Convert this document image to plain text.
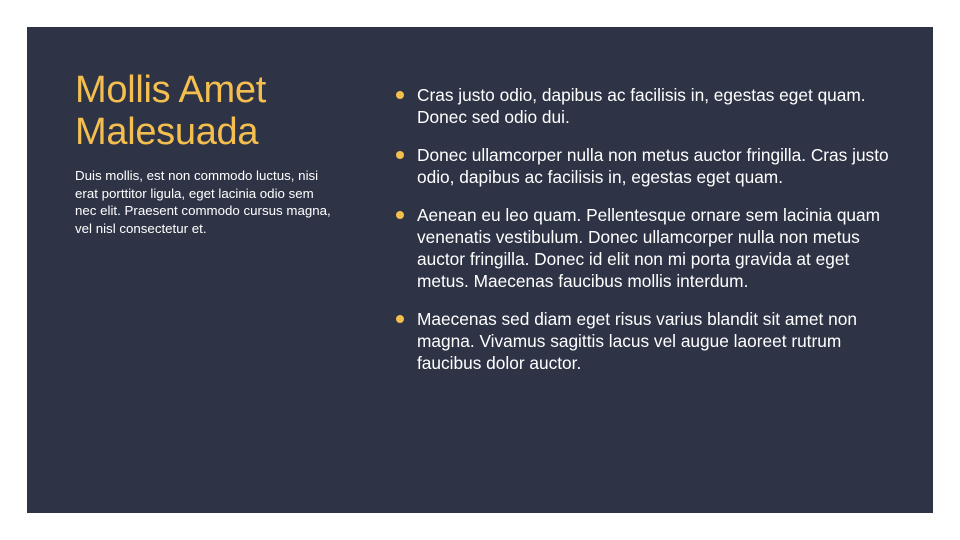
Mollis Amet
Malesuada

Duis mollis, est non commodo luctus, nisi erat porttitor ligula, eget lacinia odio sem nec elit. Praesent commodo cursus magna, vel nisl consectetur et.

Cras justo odio, dapibus ac facilisis in, egestas eget quam. Donec sed odio dui.
Donec ullamcorper nulla non metus auctor fringilla. Cras justo odio, dapibus ac facilisis in, egestas eget quam.
Aenean eu leo quam. Pellentesque ornare sem lacinia quam venenatis vestibulum. Donec ullamcorper nulla non metus auctor fringilla. Donec id elit non mi porta gravida at eget metus. Maecenas faucibus mollis interdum.
Maecenas sed diam eget risus varius blandit sit amet non magna. Vivamus sagittis lacus vel augue laoreet rutrum faucibus dolor auctor.
